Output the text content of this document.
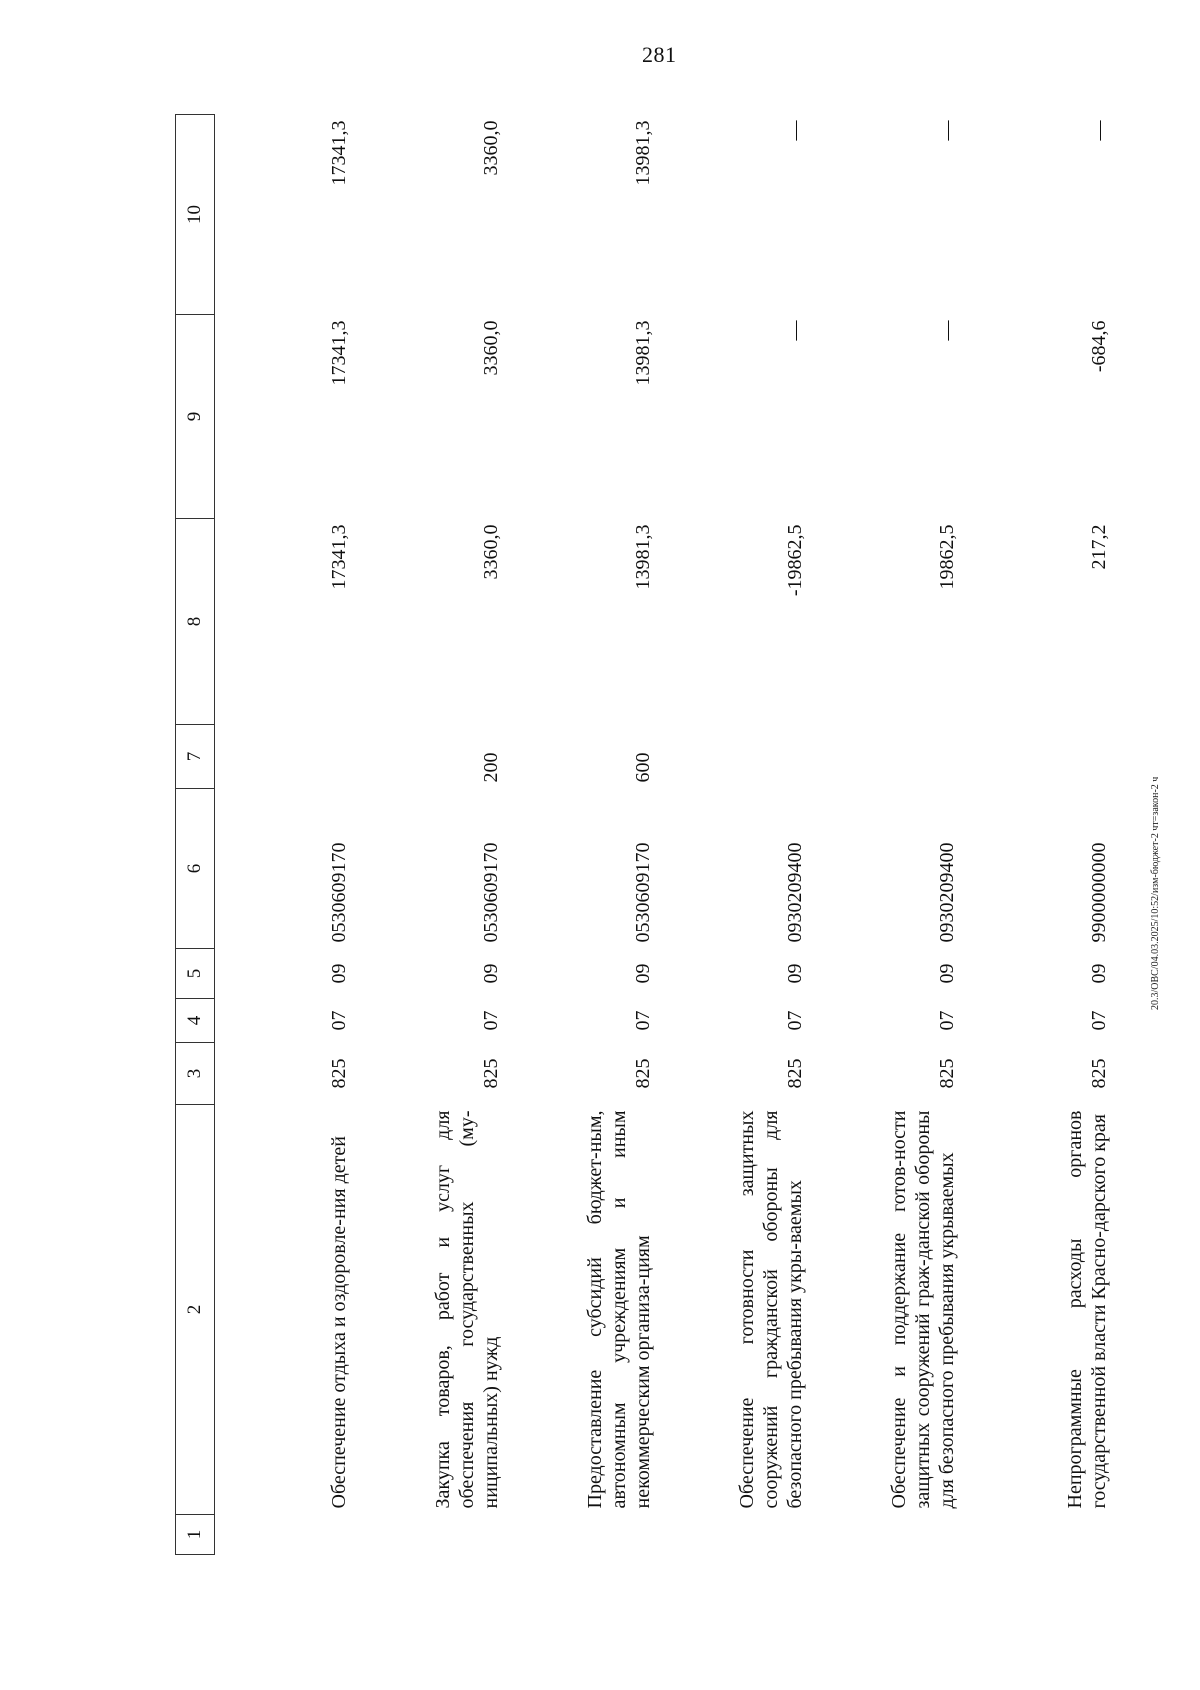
281
1	2	3	4	5	6	7	8	9	10
	Обеспечение отдыха и оздоровле-ния детей	825	07	09	0530609170		17341,3	17341,3	17341,3
	Закупка товаров, работ и услуг для обеспечения государственных (му-ниципальных) нужд	825	07	09	0530609170	200	3360,0	3360,0	3360,0
	Предоставление субсидий бюджет-ным, автономным учреждениям и иным некоммерческим организа-циям	825	07	09	0530609170	600	13981,3	13981,3	13981,3
	Обеспечение готовности защитных сооружений гражданской обороны для безопасного пребывания укры-ваемых	825	07	09	0930209400		-19862,5	—	—
	Обеспечение и поддержание готов-ности защитных сооружений граж-данской обороны для безопасного пребывания укрываемых	825	07	09	0930209400		19862,5	—	—
	Непрограммные расходы органов государственной власти Красно-дарского края	825	07	09	9900000000		217,2	-684,6	—
20.3/ОВС/04.03.2025/10:52/изм-бюджет-2 чт=закон-2 ч
